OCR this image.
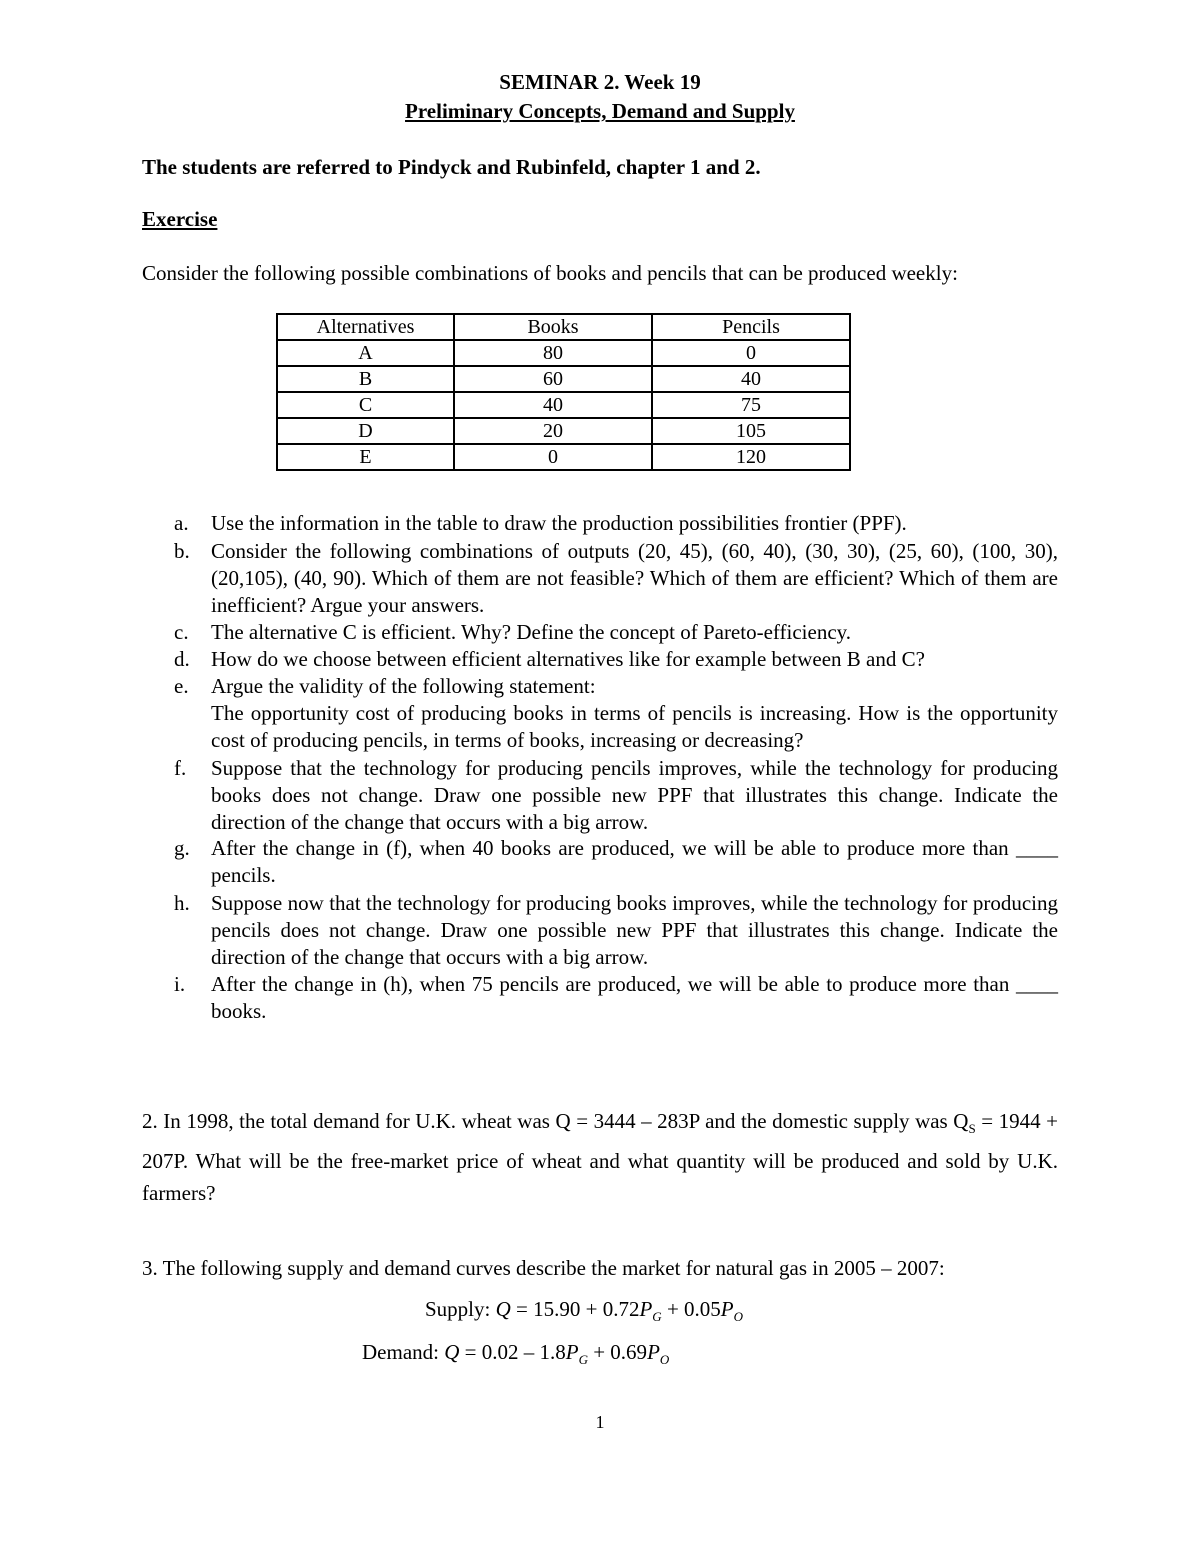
SEMINAR 2. Week 19
Preliminary Concepts, Demand and Supply
The students are referred to Pindyck and Rubinfeld, chapter 1 and 2.
Exercise
Consider the following possible combinations of books and pencils that can be produced weekly:
Alternatives	Books	Pencils
A	80	0
B	60	40
C	40	75
D	20	105
E	0	120
a.	Use the information in the table to draw the production possibilities frontier (PPF).
b.	Consider the following combinations of outputs (20, 45), (60, 40), (30, 30), (25, 60), (100, 30), (20,105), (40, 90). Which of them are not feasible? Which of them are efficient? Which of them are inefficient? Argue your answers.
c.	The alternative C is efficient. Why? Define the concept of Pareto-efficiency.
d.	How do we choose between efficient alternatives like for example between B and C?
e.	Argue the validity of the following statement:
The opportunity cost of producing books in terms of pencils is increasing. How is the opportunity cost of producing pencils, in terms of books, increasing or decreasing?
f.	Suppose that the technology for producing pencils improves, while the technology for producing books does not change. Draw one possible new PPF that illustrates this change. Indicate the direction of the change that occurs with a big arrow.
g.	After the change in (f), when 40 books are produced, we will be able to produce more than ____ pencils.
h.	Suppose now that the technology for producing books improves, while the technology for producing pencils does not change. Draw one possible new PPF that illustrates this change. Indicate the direction of the change that occurs with a big arrow.
i.	After the change in (h), when 75 pencils are produced, we will be able to produce more than ____ books.
2. In 1998, the total demand for U.K. wheat was Q = 3444 – 283P and the domestic supply was $Q_S = 1944 + 207P$. What will be the free-market price of wheat and what quantity will be produced and sold by U.K. farmers?
3. The following supply and demand curves describe the market for natural gas in 2005 – 2007:
Supply: $Q = 15.90 + 0.72P_G + 0.05P_O$
Demand: $Q = 0.02 - 1.8P_G + 0.69P_O$
1
